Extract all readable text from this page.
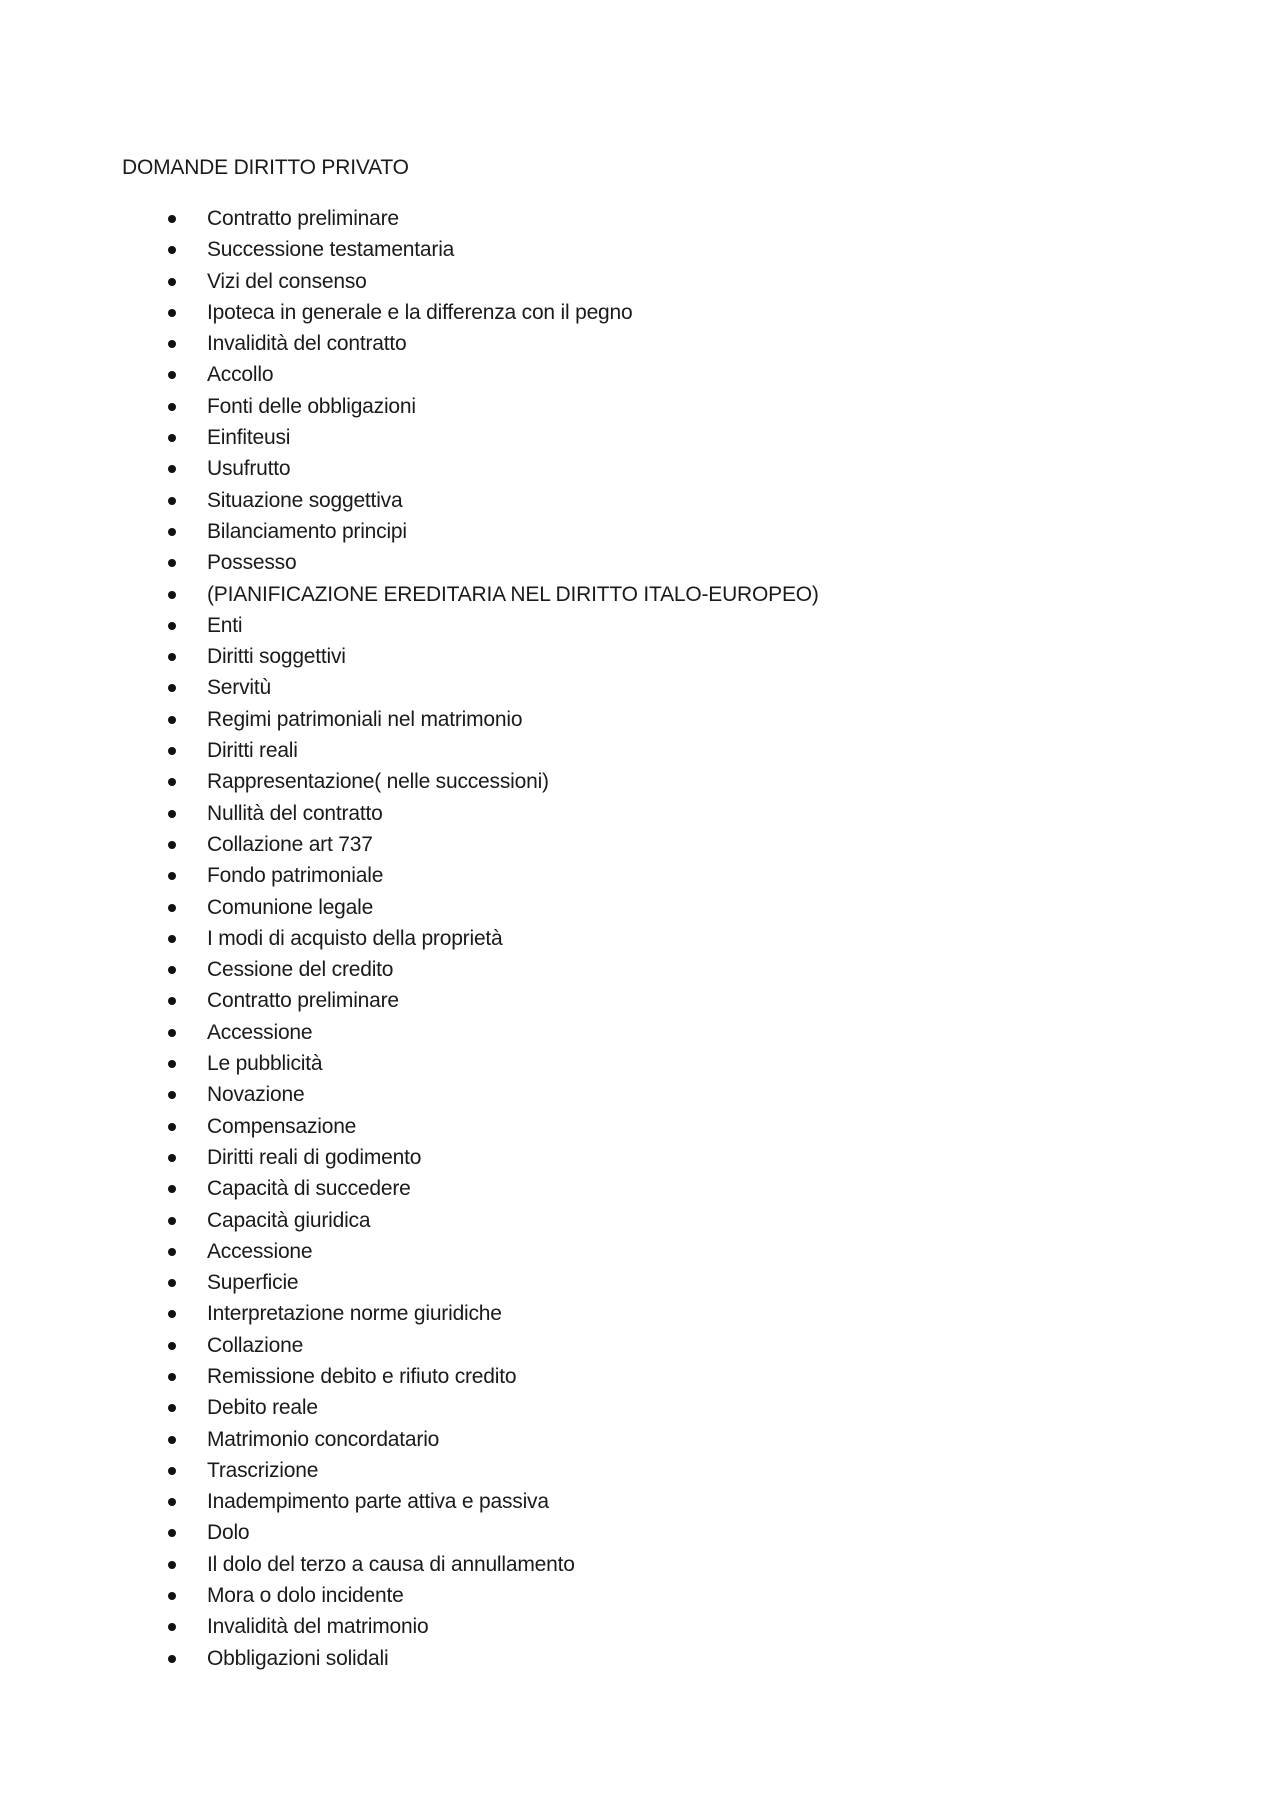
DOMANDE DIRITTO PRIVATO
Contratto preliminare
Successione testamentaria
Vizi del consenso
Ipoteca in generale e la differenza con il pegno
Invalidità del contratto
Accollo
Fonti delle obbligazioni
Einfiteusi
Usufrutto
Situazione soggettiva
Bilanciamento principi
Possesso
(PIANIFICAZIONE EREDITARIA NEL DIRITTO ITALO-EUROPEO)
Enti
Diritti soggettivi
Servitù
Regimi patrimoniali nel matrimonio
Diritti reali
Rappresentazione( nelle successioni)
Nullità del contratto
Collazione art 737
Fondo patrimoniale
Comunione legale
I modi di acquisto della proprietà
Cessione del credito
Contratto preliminare
Accessione
Le pubblicità
Novazione
Compensazione
Diritti reali di godimento
Capacità di succedere
Capacità giuridica
Accessione
Superficie
Interpretazione norme giuridiche
Collazione
Remissione debito e rifiuto credito
Debito reale
Matrimonio concordatario
Trascrizione
Inadempimento parte attiva e passiva
Dolo
Il dolo del terzo a causa di annullamento
Mora o dolo incidente
Invalidità del matrimonio
Obbligazioni solidali
